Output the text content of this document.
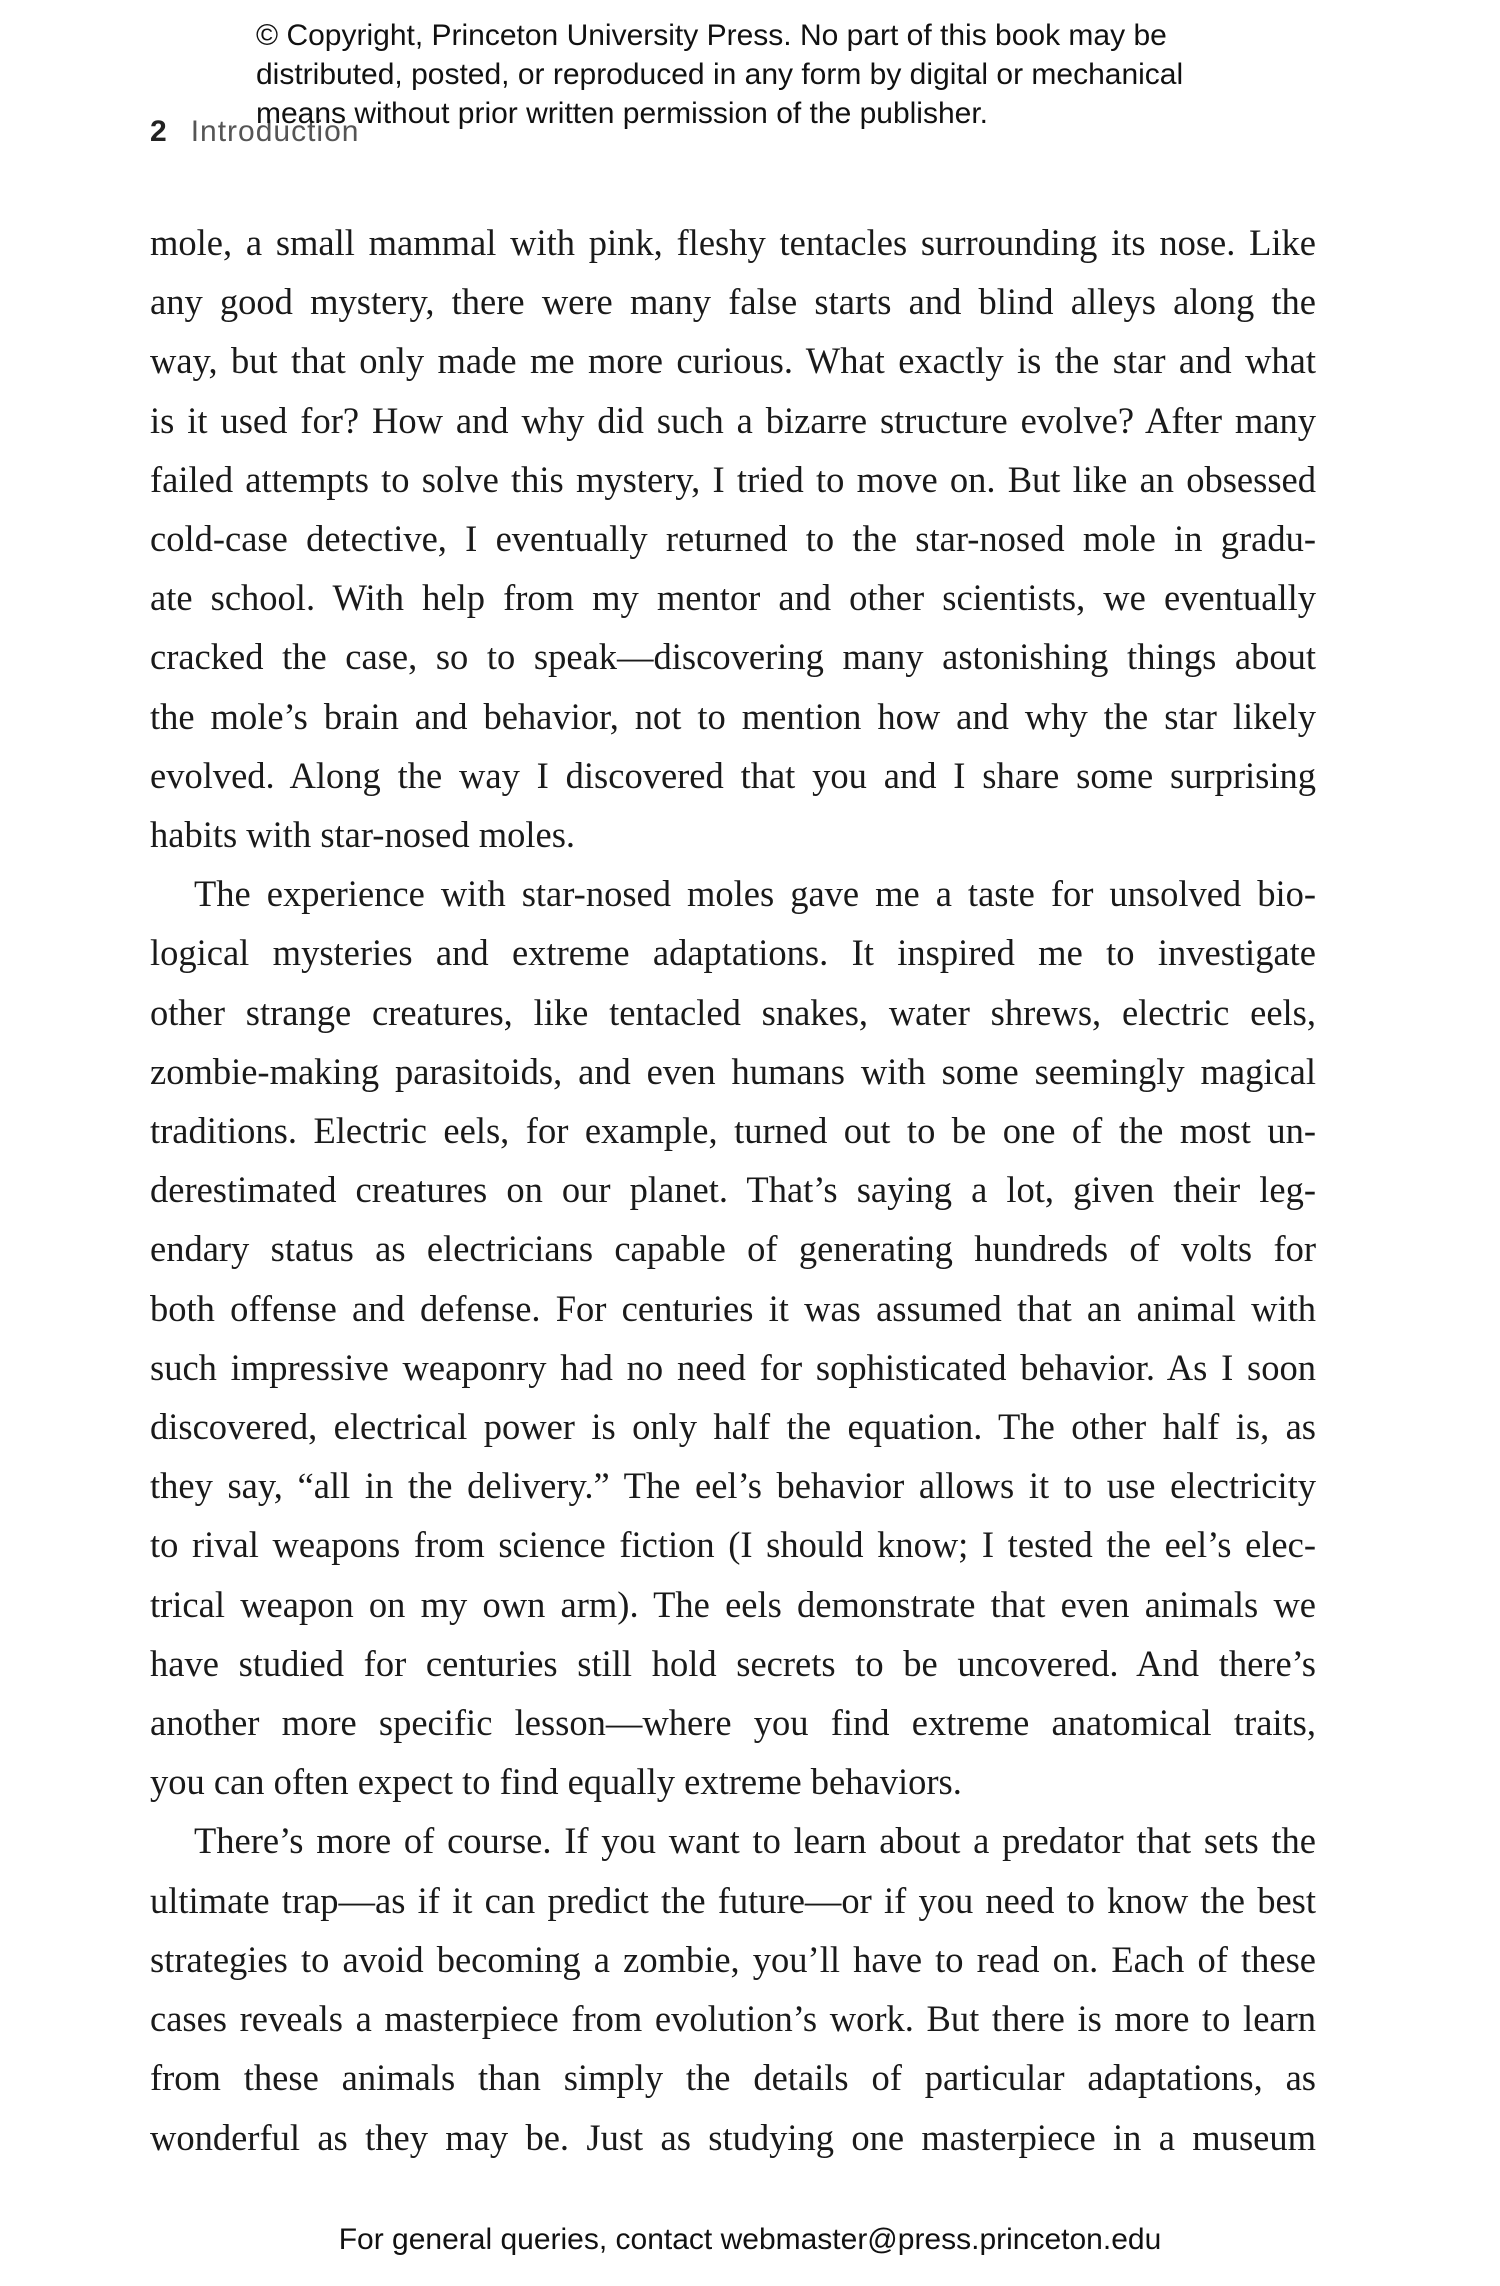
© Copyright, Princeton University Press. No part of this book may be
distributed, posted, or reproduced in any form by digital or mechanical
means without prior written permission of the publisher.
2 Introduction

mole, a small mammal with pink, fleshy tentacles surrounding its nose. Like
any good mystery, there were many false starts and blind alleys along the
way, but that only made me more curious. What exactly is the star and what
is it used for? How and why did such a bizarre structure evolve? After many
failed attempts to solve this mystery, I tried to move on. But like an obsessed
cold-case detective, I eventually returned to the star-nosed mole in gradu-
ate school. With help from my mentor and other scientists, we eventually
cracked the case, so to speak—discovering many astonishing things about
the mole’s brain and behavior, not to mention how and why the star likely
evolved. Along the way I discovered that you and I share some surprising
habits with star-nosed moles.

The experience with star-nosed moles gave me a taste for unsolved bio-
logical mysteries and extreme adaptations. It inspired me to investigate
other strange creatures, like tentacled snakes, water shrews, electric eels,
zombie-making parasitoids, and even humans with some seemingly magical
traditions. Electric eels, for example, turned out to be one of the most un-
derestimated creatures on our planet. That’s saying a lot, given their leg-
endary status as electricians capable of generating hundreds of volts for
both offense and defense. For centuries it was assumed that an animal with
such impressive weaponry had no need for sophisticated behavior. As I soon
discovered, electrical power is only half the equation. The other half is, as
they say, “all in the delivery.” The eel’s behavior allows it to use electricity
to rival weapons from science fiction (I should know; I tested the eel’s elec-
trical weapon on my own arm). The eels demonstrate that even animals we
have studied for centuries still hold secrets to be uncovered. And there’s
another more specific lesson—where you find extreme anatomical traits,
you can often expect to find equally extreme behaviors.

There’s more of course. If you want to learn about a predator that sets the
ultimate trap—as if it can predict the future—or if you need to know the best
strategies to avoid becoming a zombie, you’ll have to read on. Each of these
cases reveals a masterpiece from evolution’s work. But there is more to learn
from these animals than simply the details of particular adaptations, as
wonderful as they may be. Just as studying one masterpiece in a museum

For general queries, contact webmaster@press.princeton.edu
